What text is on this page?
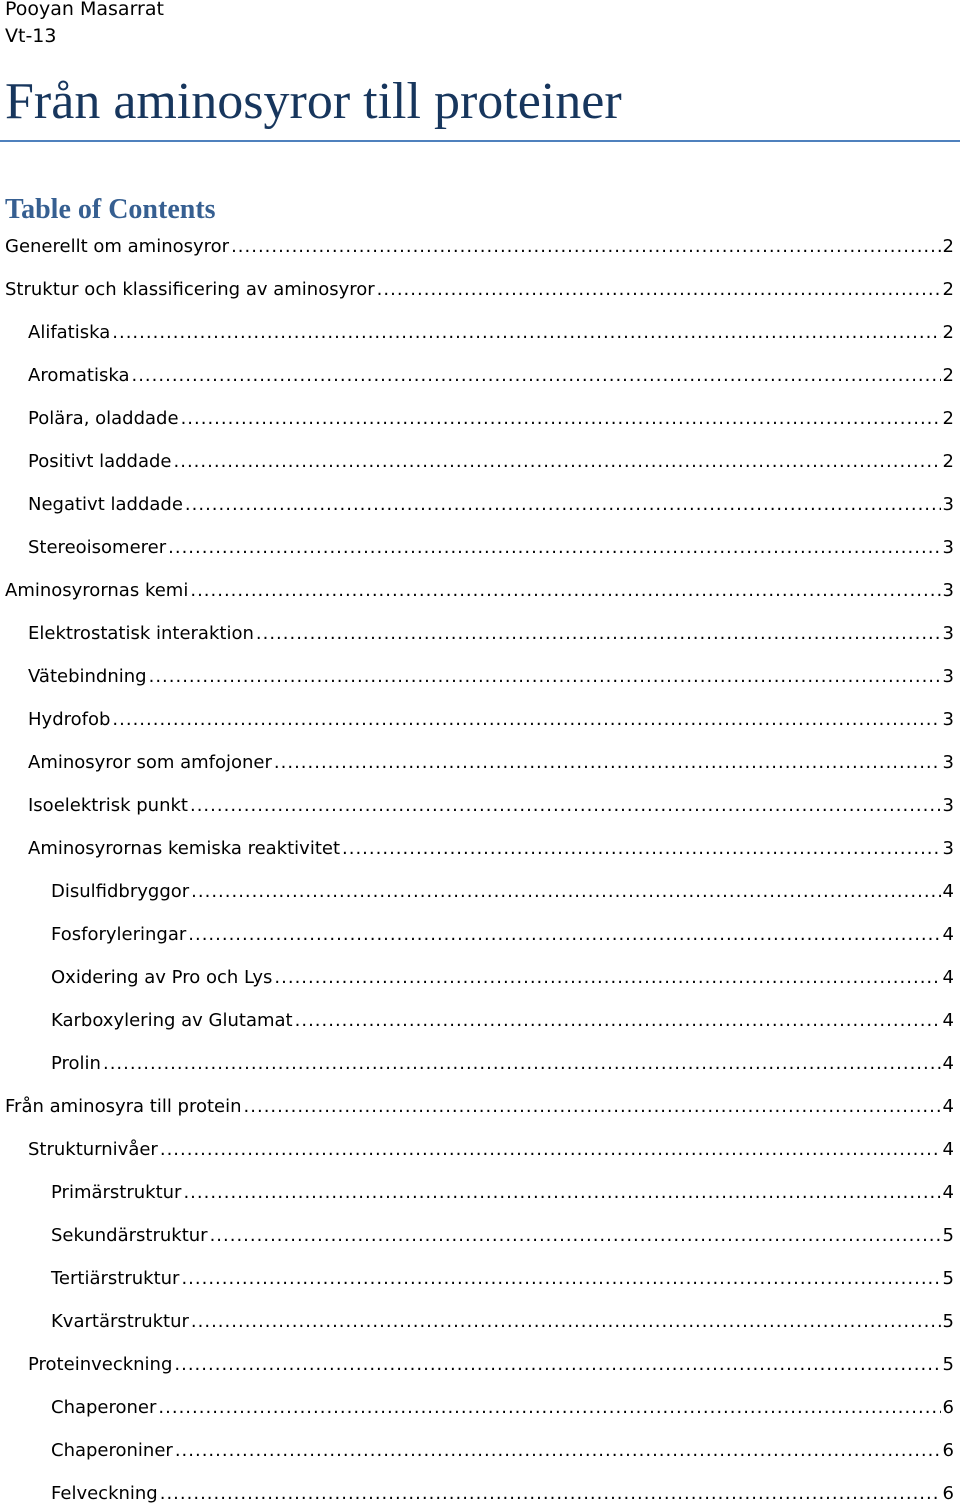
Pooyan Masarrat
Vt-13
Från aminosyror till proteiner
Table of Contents
Generellt om aminosyror .....	2
Struktur och klassificering av aminosyror .....	2
Alifatiska .....	2
Aromatiska .....	2
Polära, oladdade .....	2
Positivt laddade .....	2
Negativt laddade .....	3
Stereoisomerer .....	3
Aminosyrornas kemi .....	3
Elektrostatisk interaktion .....	3
Vätebindning .....	3
Hydrofob .....	3
Aminosyror som amfojoner .....	3
Isoelektrisk punkt .....	3
Aminosyrornas kemiska reaktivitet .....	3
Disulfidbryggor .....	4
Fosforyleringar .....	4
Oxidering av Pro och Lys .....	4
Karboxylering av Glutamat .....	4
Prolin .....	4
Från aminosyra till protein .....	4
Strukturnivåer .....	4
Primärstruktur .....	4
Sekundärstruktur .....	5
Tertiärstruktur .....	5
Kvartärstruktur .....	5
Proteinveckning .....	5
Chaperoner .....	6
Chaperoniner .....	6
Felveckning .....	6
